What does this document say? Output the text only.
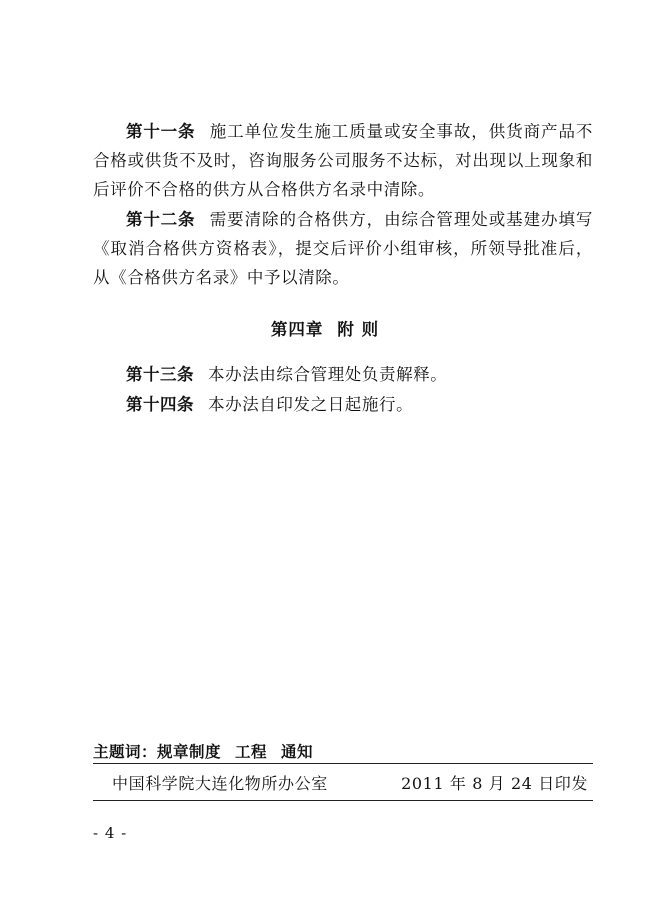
第十一条 施工单位发生施工质量或安全事故，供货商产品不合格或供货不及时，咨询服务公司服务不达标，对出现以上现象和后评价不合格的供方从合格供方名录中清除。

第十二条 需要清除的合格供方，由综合管理处或基建办填写《取消合格供方资格表》，提交后评价小组审核，所领导批准后，从《合格供方名录》中予以清除。

第四章 附 则

第十三条 本办法由综合管理处负责解释。

第十四条 本办法自印发之日起施行。

主题词：规章制度 工程 通知
中国科学院大连化物所办公室	2011 年 8 月 24 日印发
- 4 -
